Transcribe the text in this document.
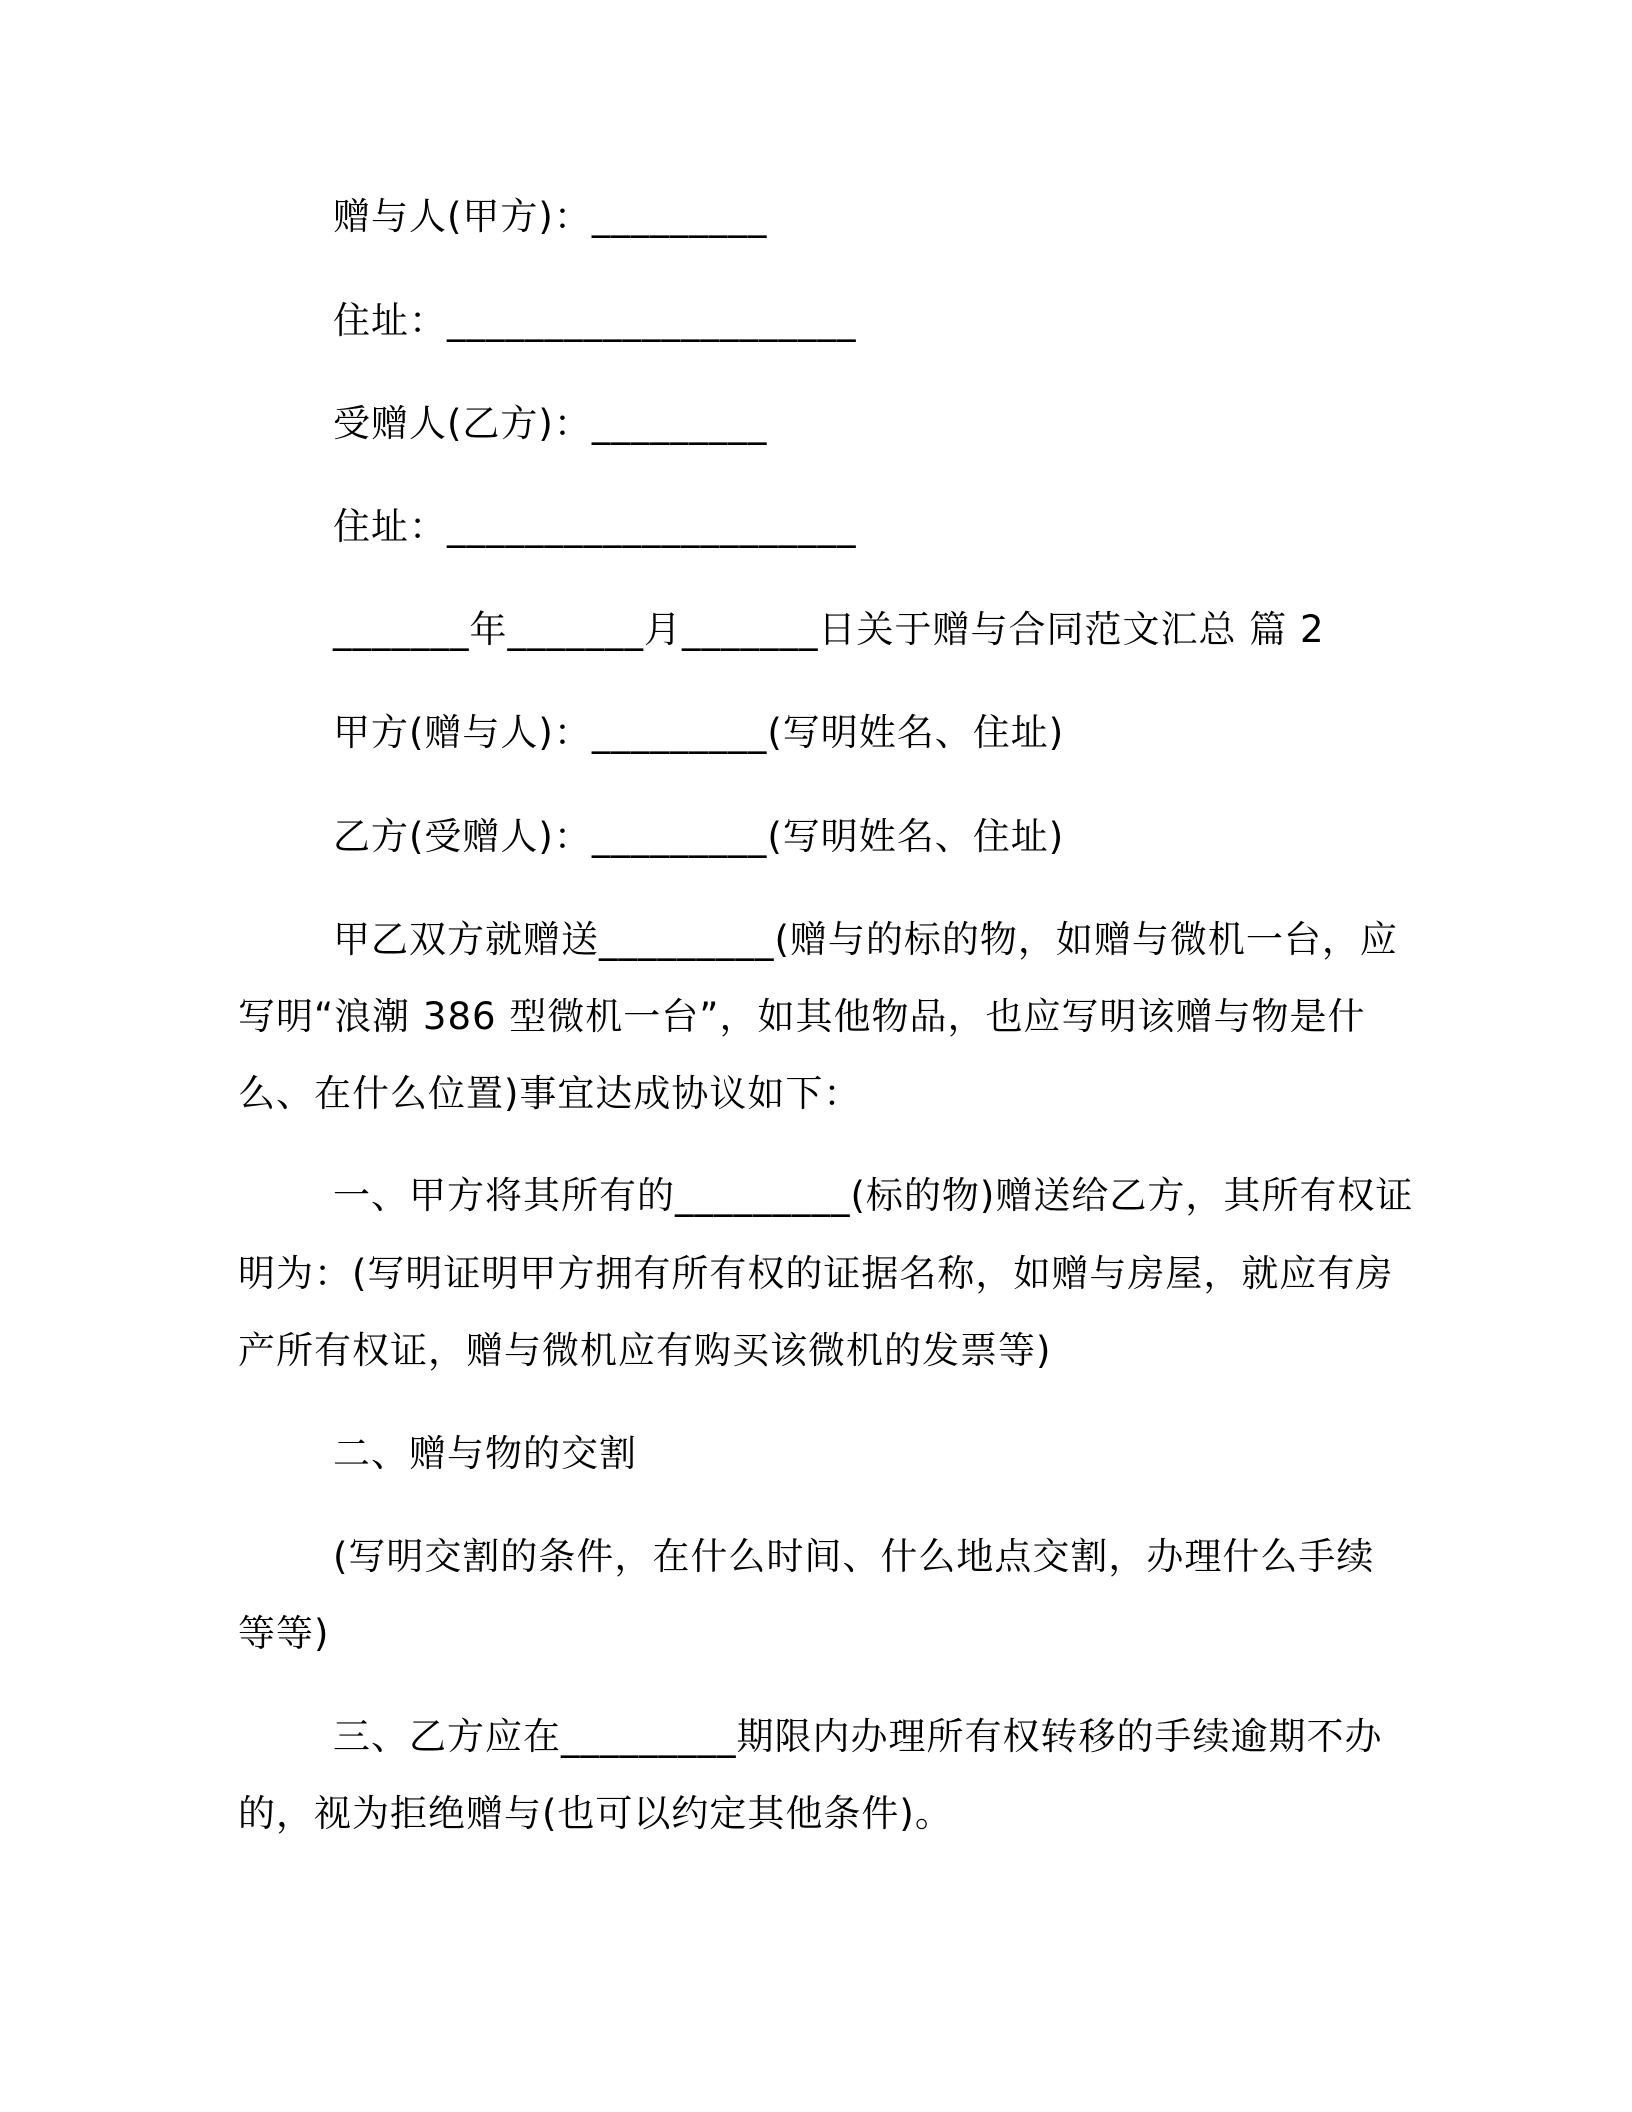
赠与人(甲方)：_________
住址：_____________________
受赠人(乙方)：_________
住址：_____________________
_______年_______月_______日关于赠与合同范文汇总 篇 2
甲方(赠与人)：_________(写明姓名、住址)
乙方(受赠人)：_________(写明姓名、住址)
甲乙双方就赠送_________(赠与的标的物，如赠与微机一台，应
写明“浪潮 386 型微机一台”，如其他物品，也应写明该赠与物是什
么、在什么位置)事宜达成协议如下：
一、甲方将其所有的_________(标的物)赠送给乙方，其所有权证
明为：(写明证明甲方拥有所有权的证据名称，如赠与房屋，就应有房
产所有权证，赠与微机应有购买该微机的发票等)
二、赠与物的交割
(写明交割的条件，在什么时间、什么地点交割，办理什么手续
等等)
三、乙方应在_________期限内办理所有权转移的手续逾期不办
的，视为拒绝赠与(也可以约定其他条件)。
